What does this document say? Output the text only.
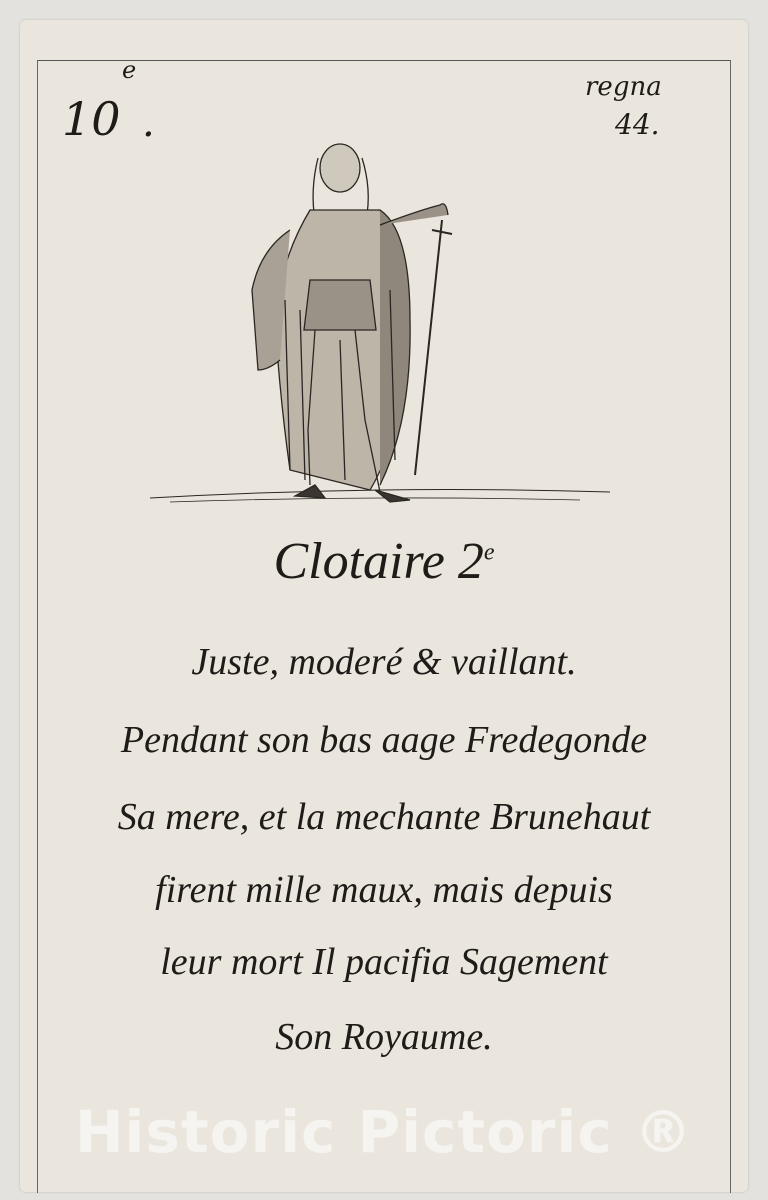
10
e
.
regna
44.
Clotaire 2e
Juste, moderé & vaillant.
Pendant son bas aage Fredegonde
Sa mere, et la mechante Brunehaut
firent mille maux, mais depuis
leur mort Il pacifia Sagement
Son Royaume.
Historic Pictoric ®
